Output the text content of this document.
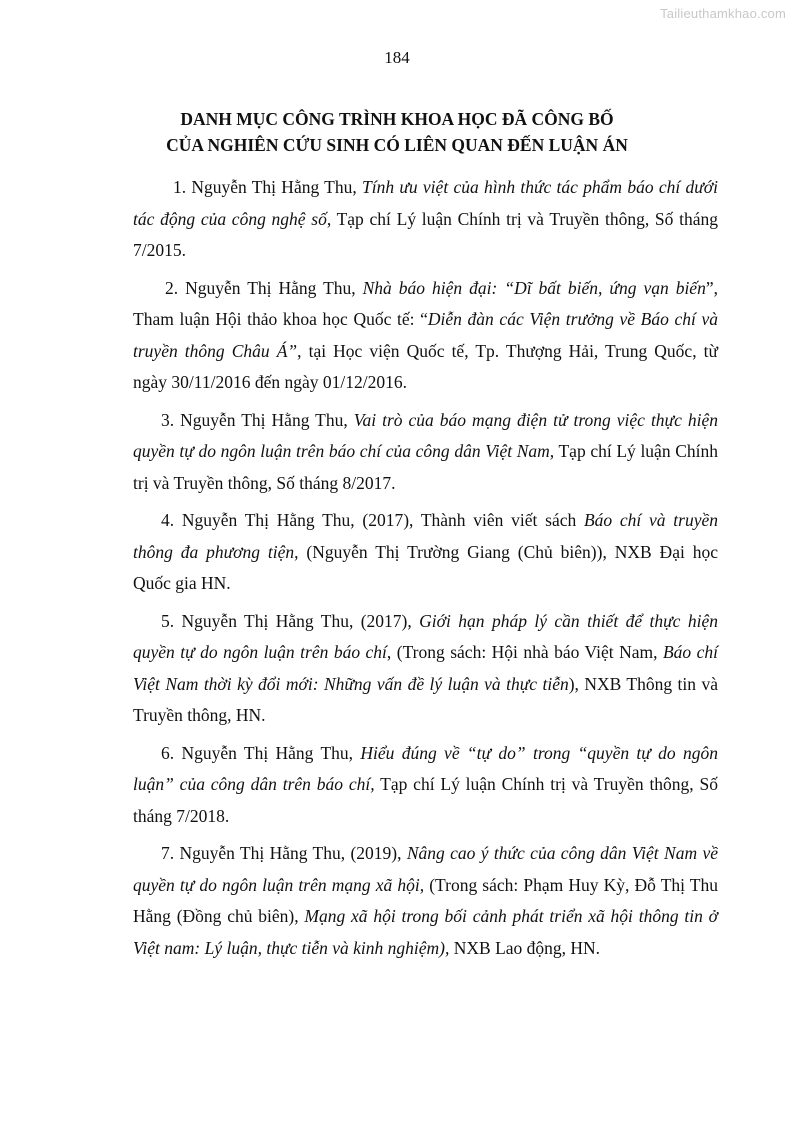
Tailieuthamkhao.com
184
DANH MỤC CÔNG TRÌNH KHOA HỌC ĐÃ CÔNG BỐ
CỦA NGHIÊN CỨU SINH CÓ LIÊN QUAN ĐẾN LUẬN ÁN

1. Nguyễn Thị Hằng Thu, Tính ưu việt của hình thức tác phẩm báo chí dưới tác động của công nghệ số, Tạp chí Lý luận Chính trị và Truyền thông, Số tháng 7/2015.

2. Nguyễn Thị Hằng Thu, Nhà báo hiện đại: “Dĩ bất biến, ứng vạn biến”, Tham luận Hội thảo khoa học Quốc tế: “Diễn đàn các Viện trưởng về Báo chí và truyền thông Châu Á”, tại Học viện Quốc tế, Tp. Thượng Hải, Trung Quốc, từ ngày 30/11/2016 đến ngày 01/12/2016.

3. Nguyễn Thị Hằng Thu, Vai trò của báo mạng điện tử trong việc thực hiện quyền tự do ngôn luận trên báo chí của công dân Việt Nam, Tạp chí Lý luận Chính trị và Truyền thông, Số tháng 8/2017.

4. Nguyễn Thị Hằng Thu, (2017), Thành viên viết sách Báo chí và truyền thông đa phương tiện, (Nguyễn Thị Trường Giang (Chủ biên)), NXB Đại học Quốc gia HN.

5. Nguyễn Thị Hằng Thu, (2017), Giới hạn pháp lý cần thiết để thực hiện quyền tự do ngôn luận trên báo chí, (Trong sách: Hội nhà báo Việt Nam, Báo chí Việt Nam thời kỳ đổi mới: Những vấn đề lý luận và thực tiễn), NXB Thông tin và Truyền thông, HN.

6. Nguyễn Thị Hằng Thu, Hiểu đúng về “tự do” trong “quyền tự do ngôn luận” của công dân trên báo chí, Tạp chí Lý luận Chính trị và Truyền thông, Số tháng 7/2018.

7. Nguyễn Thị Hằng Thu, (2019), Nâng cao ý thức của công dân Việt Nam về quyền tự do ngôn luận trên mạng xã hội, (Trong sách: Phạm Huy Kỳ, Đỗ Thị Thu Hằng (Đồng chủ biên), Mạng xã hội trong bối cảnh phát triển xã hội thông tin ở Việt nam: Lý luận, thực tiễn và kinh nghiệm), NXB Lao động, HN.
